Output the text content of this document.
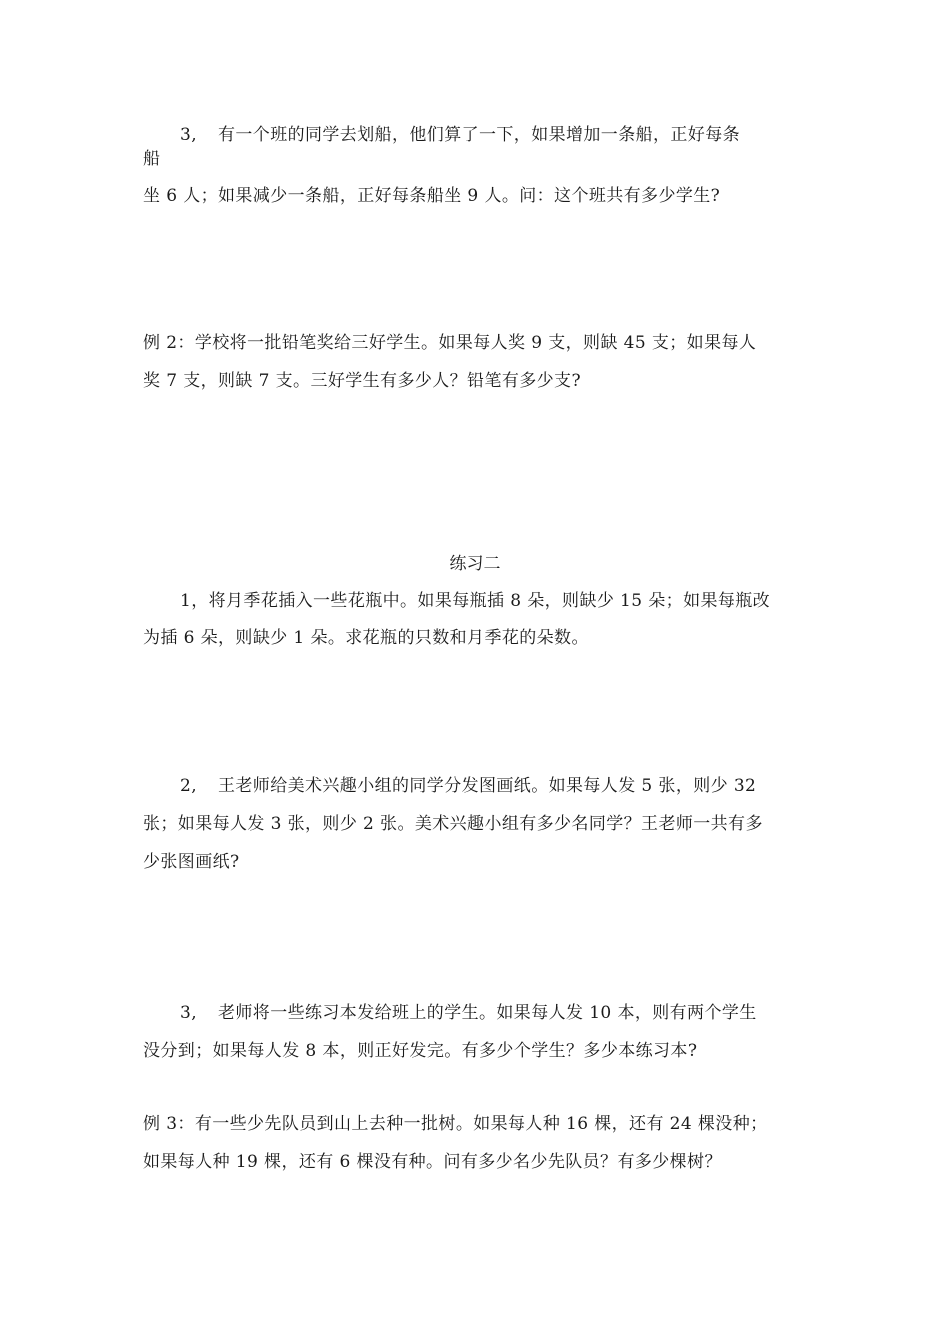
3, 有一个班的同学去划船，他们算了一下，如果增加一条船，正好每条
船
坐 6 人；如果减少一条船，正好每条船坐 9 人。问：这个班共有多少学生?
例 2：学校将一批铅笔奖给三好学生。如果每人奖 9 支，则缺 45 支；如果每人
奖 7 支，则缺 7 支。三好学生有多少人？铅笔有多少支?
练习二
1，将月季花插入一些花瓶中。如果每瓶插 8 朵，则缺少 15 朵；如果每瓶改
为插 6 朵，则缺少 1 朵。求花瓶的只数和月季花的朵数。
2, 王老师给美术兴趣小组的同学分发图画纸。如果每人发 5 张，则少 32
张；如果每人发 3 张，则少 2 张。美术兴趣小组有多少名同学？王老师一共有多
少张图画纸?
3, 老师将一些练习本发给班上的学生。如果每人发 10 本，则有两个学生
没分到；如果每人发 8 本，则正好发完。有多少个学生？多少本练习本?
例 3：有一些少先队员到山上去种一批树。如果每人种 16 棵，还有 24 棵没种；
如果每人种 19 棵，还有 6 棵没有种。问有多少名少先队员？有多少棵树？
